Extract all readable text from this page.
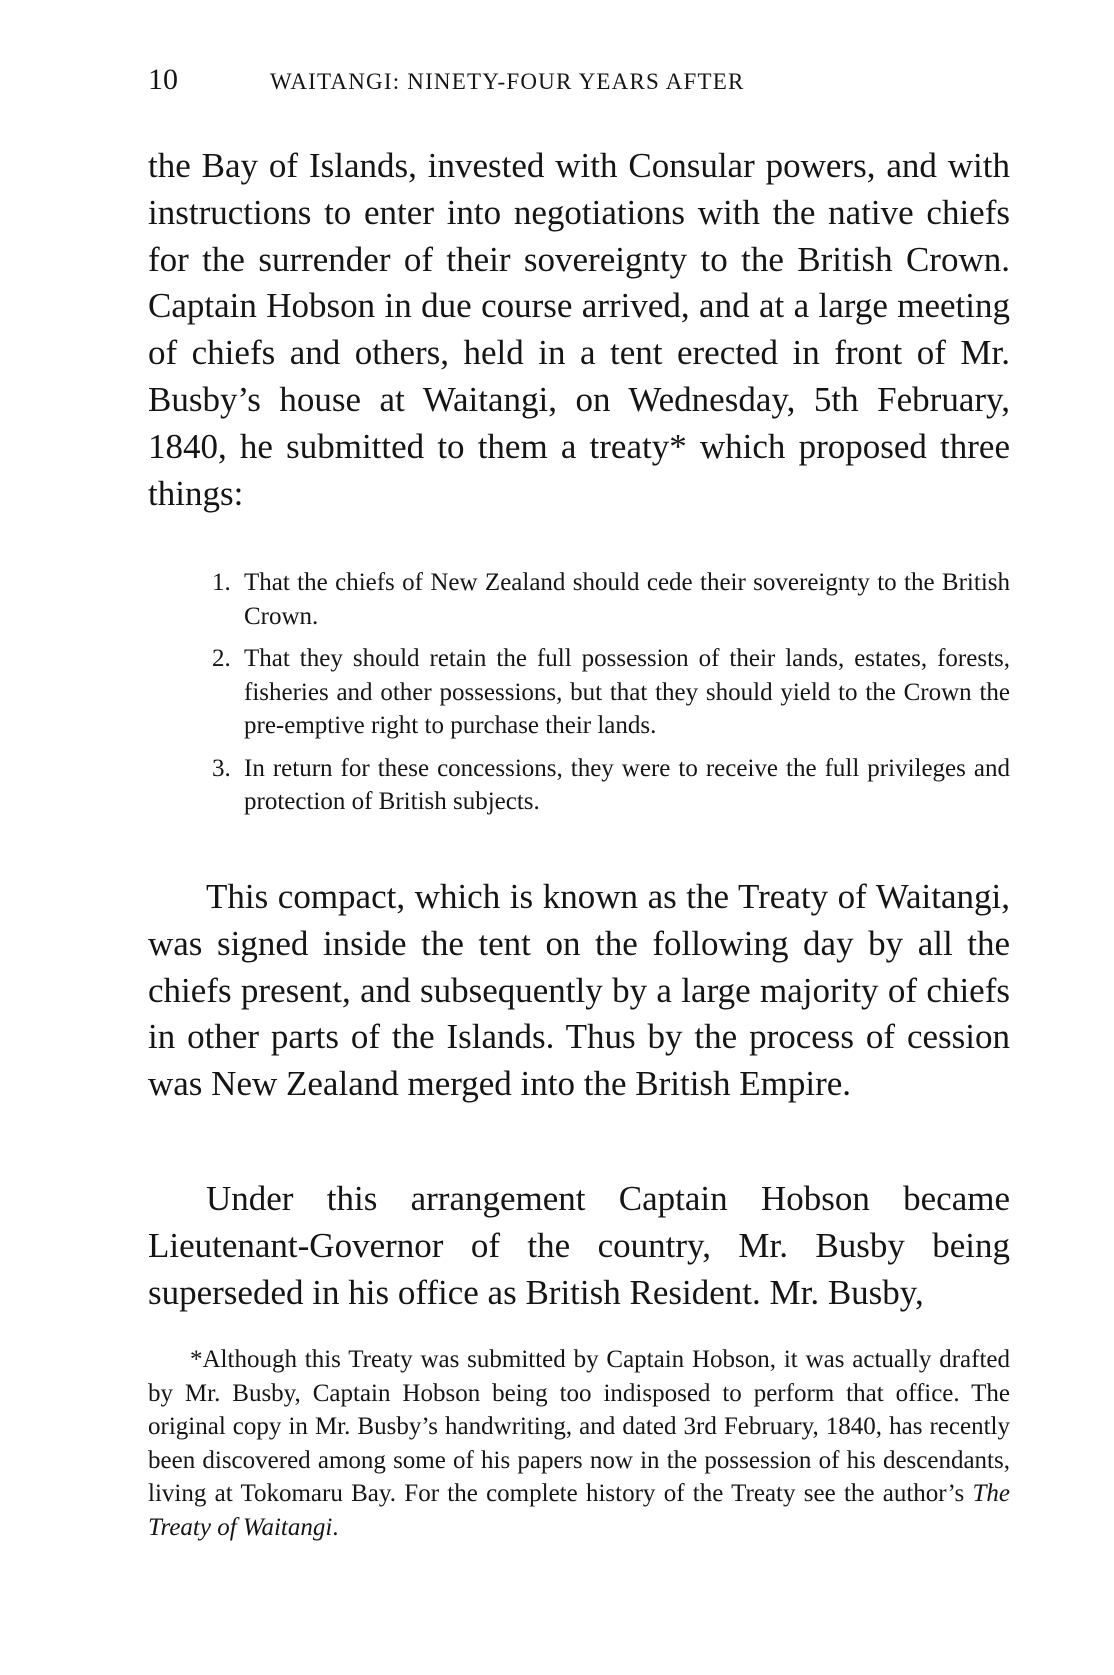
10	WAITANGI: NINETY-FOUR YEARS AFTER

the Bay of Islands, invested with Consular powers, and with instructions to enter into negotiations with the native chiefs for the surrender of their sovereignty to the British Crown. Captain Hobson in due course arrived, and at a large meeting of chiefs and others, held in a tent erected in front of Mr. Busby’s house at Waitangi, on Wednesday, 5th February, 1840, he submitted to them a treaty* which proposed three things:

1. That the chiefs of New Zealand should cede their sovereignty to the British Crown.
2. That they should retain the full possession of their lands, estates, forests, fisheries and other possessions, but that they should yield to the Crown the pre-emptive right to purchase their lands.
3. In return for these concessions, they were to receive the full privileges and protection of British subjects.

This compact, which is known as the Treaty of Waitangi, was signed inside the tent on the following day by all the chiefs present, and subsequently by a large majority of chiefs in other parts of the Islands. Thus by the process of cession was New Zealand merged into the British Empire.

Under this arrangement Captain Hobson became Lieutenant-Governor of the country, Mr. Busby being superseded in his office as British Resident. Mr. Busby,

*Although this Treaty was submitted by Captain Hobson, it was actually drafted by Mr. Busby, Captain Hobson being too indisposed to perform that office. The original copy in Mr. Busby’s handwriting, and dated 3rd February, 1840, has recently been discovered among some of his papers now in the possession of his descendants, living at Tokomaru Bay. For the complete history of the Treaty see the author’s The Treaty of Waitangi.
